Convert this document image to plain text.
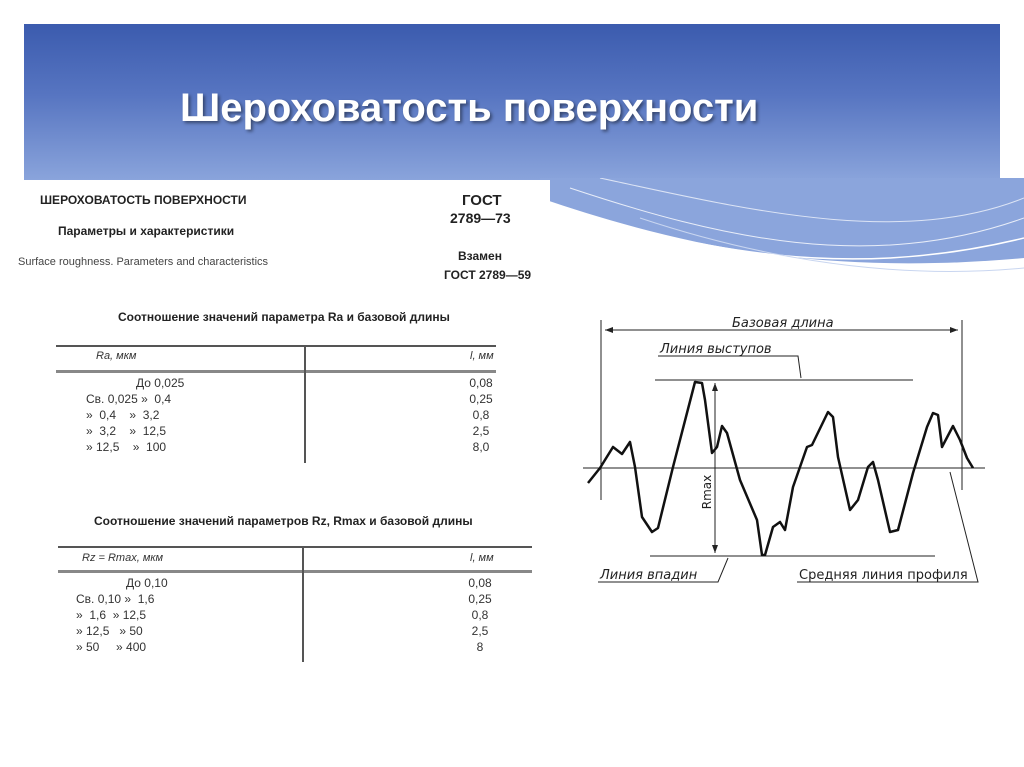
Шероховатость поверхности
ШЕРОХОВАТОСТЬ ПОВЕРХНОСТИ
Параметры и характеристики
Surface roughness. Parameters and characteristics
ГОСТ
2789—73
Взамен
ГОСТ 2789—59
Соотношение значений параметра Ra и базовой длины
Ra, мкм	l, мм
До 0,025	0,08
Св. 0,025 »  0,4	0,25
»  0,4    »  3,2	0,8
»  3,2    »  12,5	2,5
» 12,5    »  100	8,0
Соотношение значений параметров Rz, Rmax и базовой длины
Rz = Rmax, мкм	l, мм
До 0,10	0,08
Св. 0,10 »  1,6	0,25
»  1,6  » 12,5	0,8
» 12,5   » 50	2,5
» 50     » 400	8
Базовая длина
Линия выступов
Линия впадин	Средняя линия профиля
Rmax
